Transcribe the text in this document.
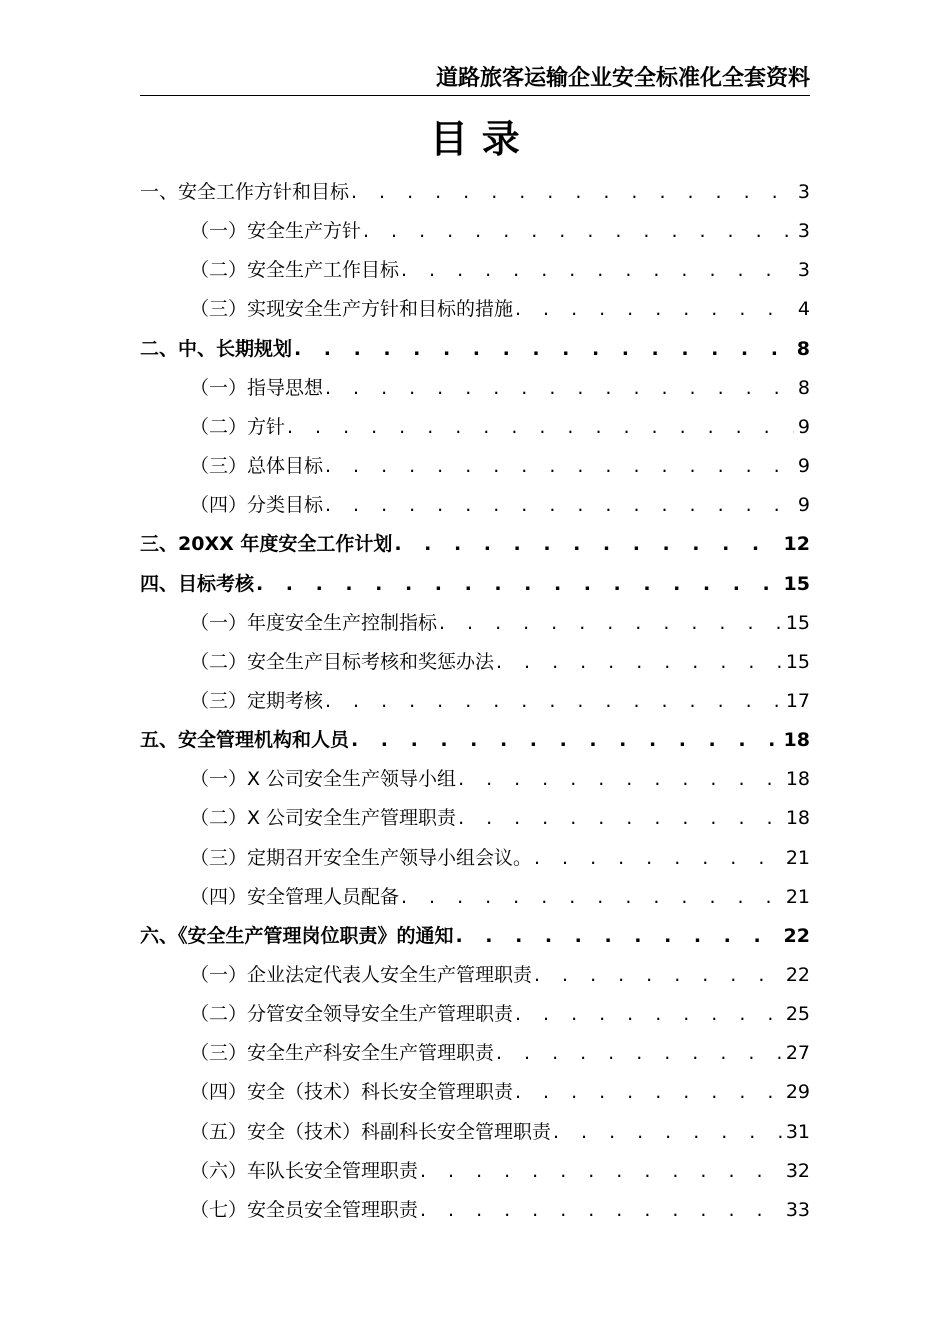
道路旅客运输企业安全标准化全套资料
目 录
一、安全工作方针和目标 . . .	3
（一）安全生产方针 . . .	3
（二）安全生产工作目标 . . .	3
（三）实现安全生产方针和目标的措施 . . .	4
二、中、长期规划 . . .	8
（一）指导思想 . . .	8
（二）方针 . . .	9
（三）总体目标 . . .	9
（四）分类目标 . . .	9
三、20XX 年度安全工作计划 . . .	12
四、目标考核 . . .	15
（一）年度安全生产控制指标 . . .	15
（二）安全生产目标考核和奖惩办法 . . .	15
（三）定期考核 . . .	17
五、安全管理机构和人员 . . .	18
（一）X 公司安全生产领导小组 . . .	18
（二）X 公司安全生产管理职责 . . .	18
（三）定期召开安全生产领导小组会议。 . . .	21
（四）安全管理人员配备 . . .	21
六、《安全生产管理岗位职责》的通知 . . .	22
（一）企业法定代表人安全生产管理职责 . . .	22
（二）分管安全领导安全生产管理职责 . . .	25
（三）安全生产科安全生产管理职责 . . .	27
（四）安全（技术）科长安全管理职责 . . .	29
（五）安全（技术）科副科长安全管理职责 . . .	31
（六）车队长安全管理职责 . . .	32
（七）安全员安全管理职责 . . .	33
